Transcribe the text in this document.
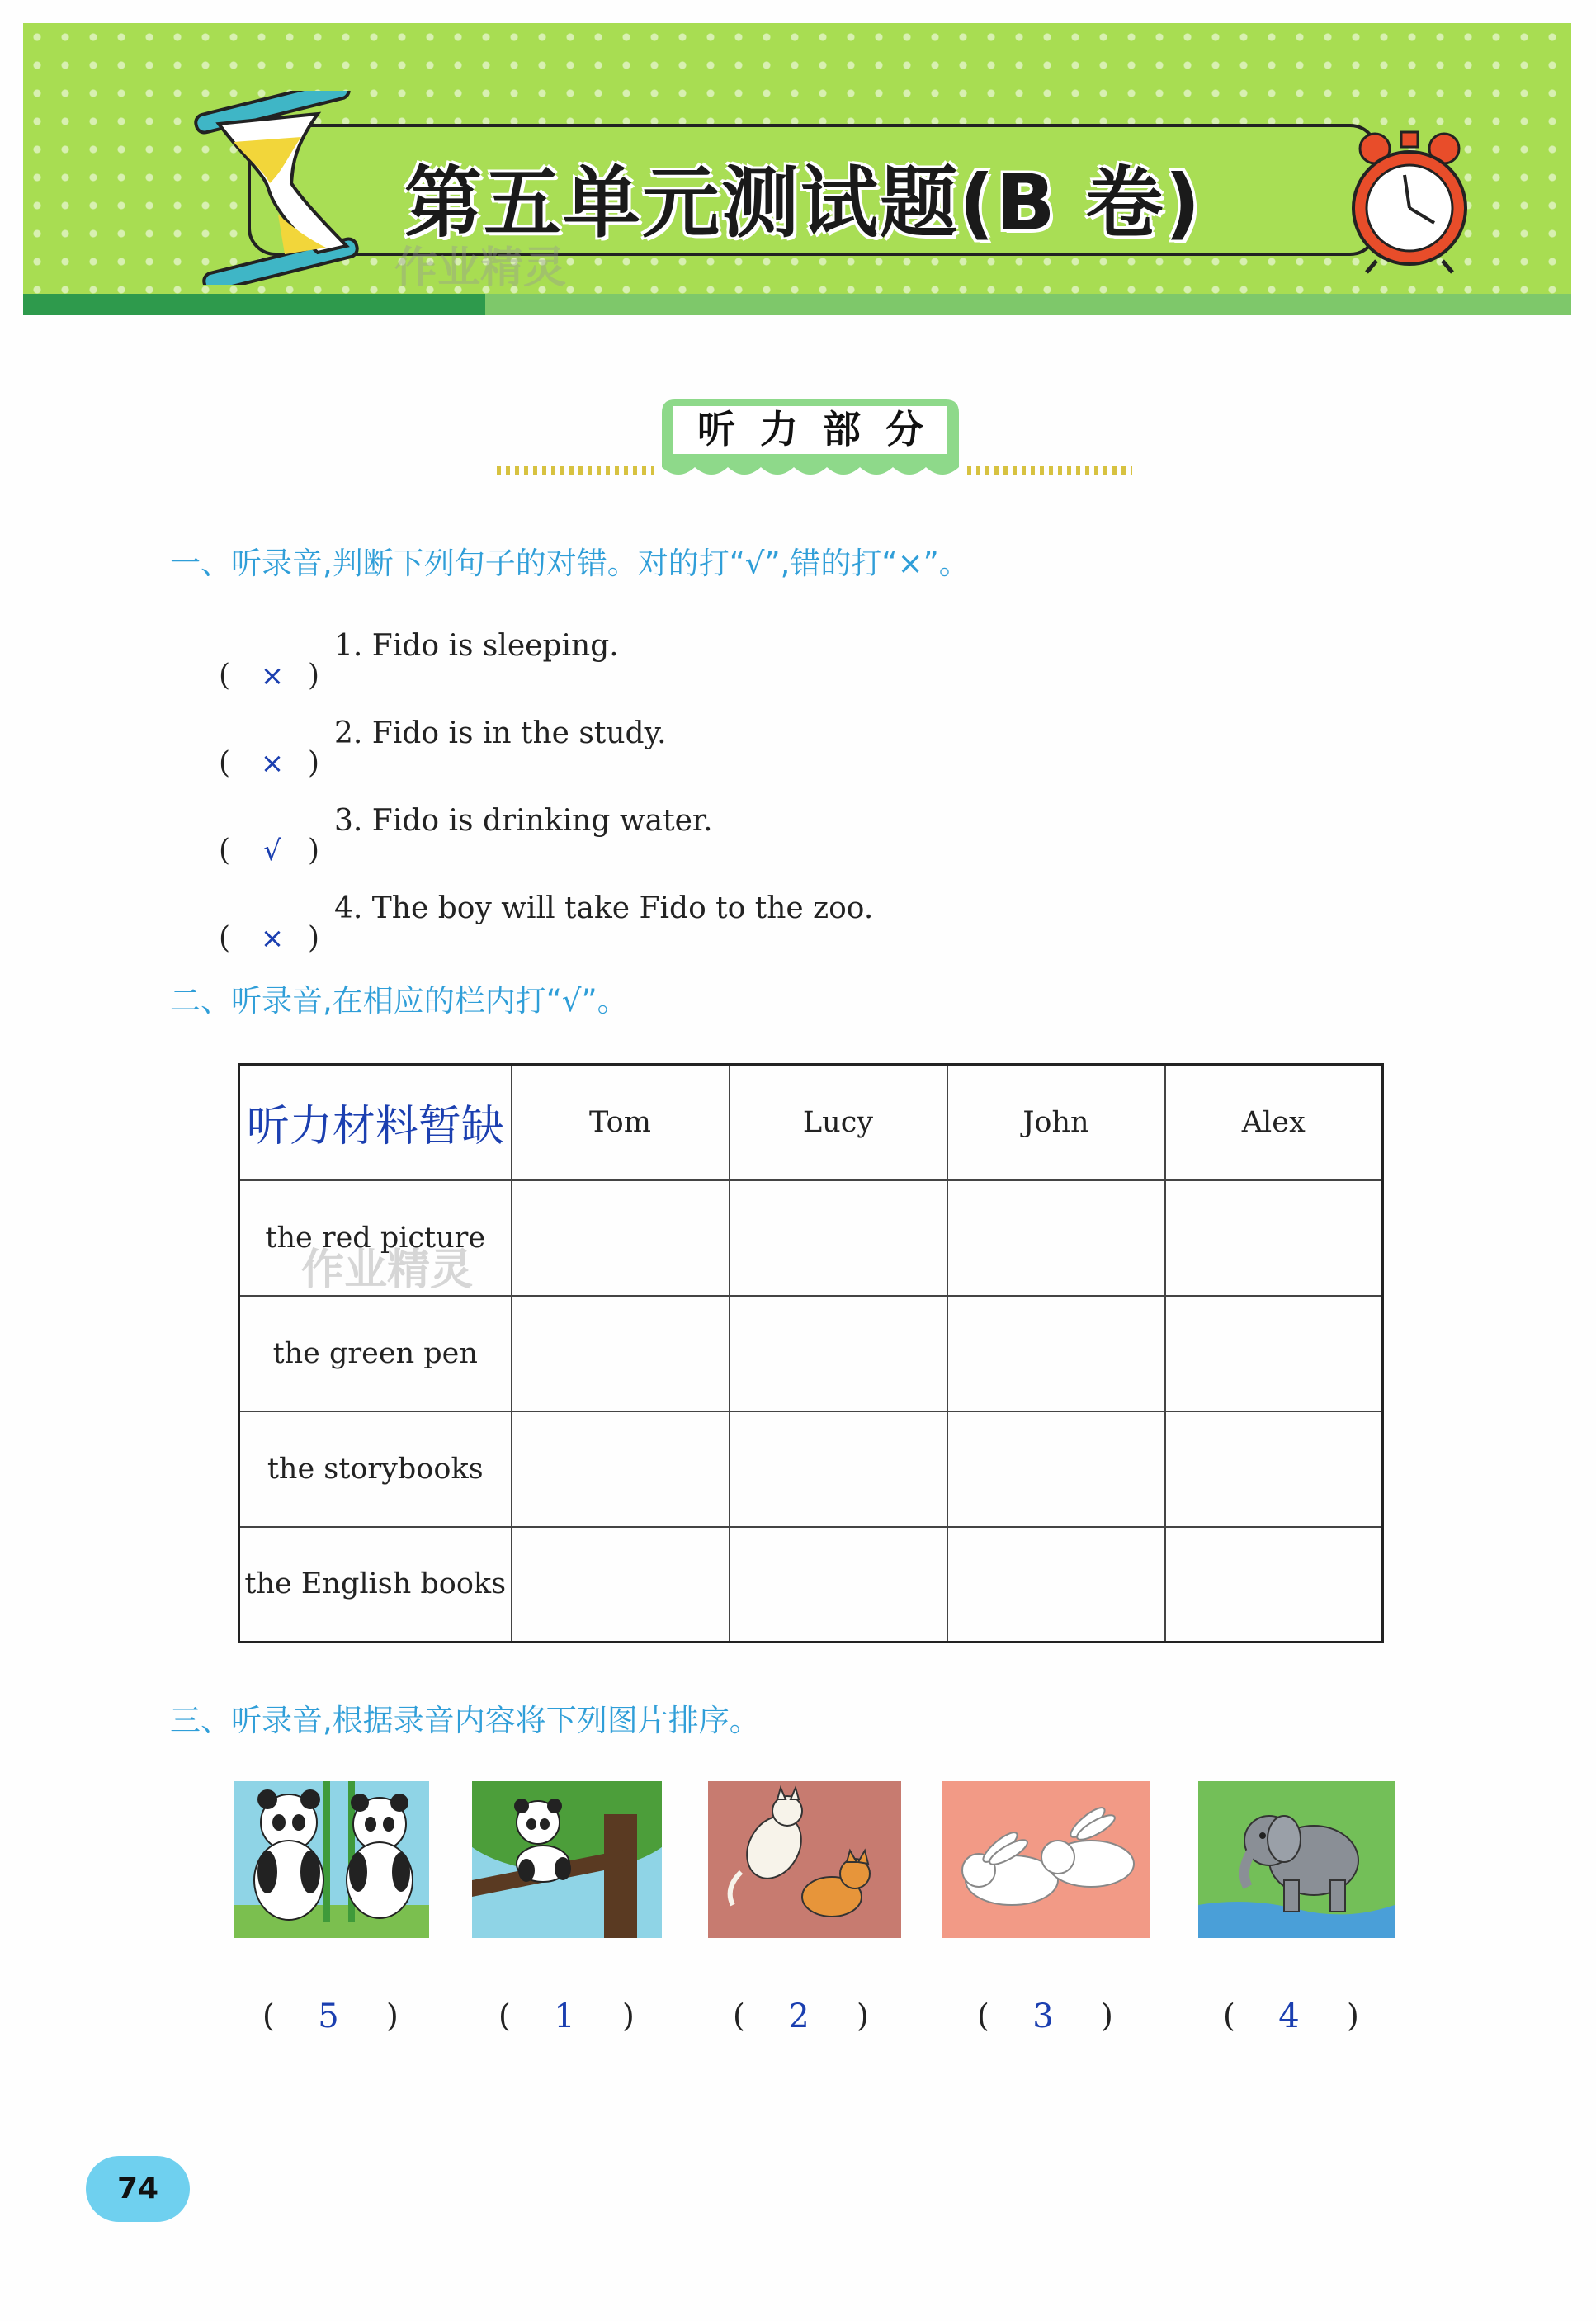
第五单元测试题(B 卷)
作业精灵
听力部分
一、听录音,判断下列句子的对错。对的打“√”,错的打“×”。
(	× )
1. Fido is sleeping.
(	× )
2. Fido is in the study.
(	√ )
3. Fido is drinking water.
(	× )
4. The boy will take Fido to the zoo.
二、听录音,在相应的栏内打“√”。
听力材料暂缺	Tom	Lucy	John	Alex
the red picture				
the green pen				
the storybooks				
the English books				
作业精灵
三、听录音,根据录音内容将下列图片排序。
(	5	)	(	1	)	(	2	)	(	3	)	(	4	)
74
